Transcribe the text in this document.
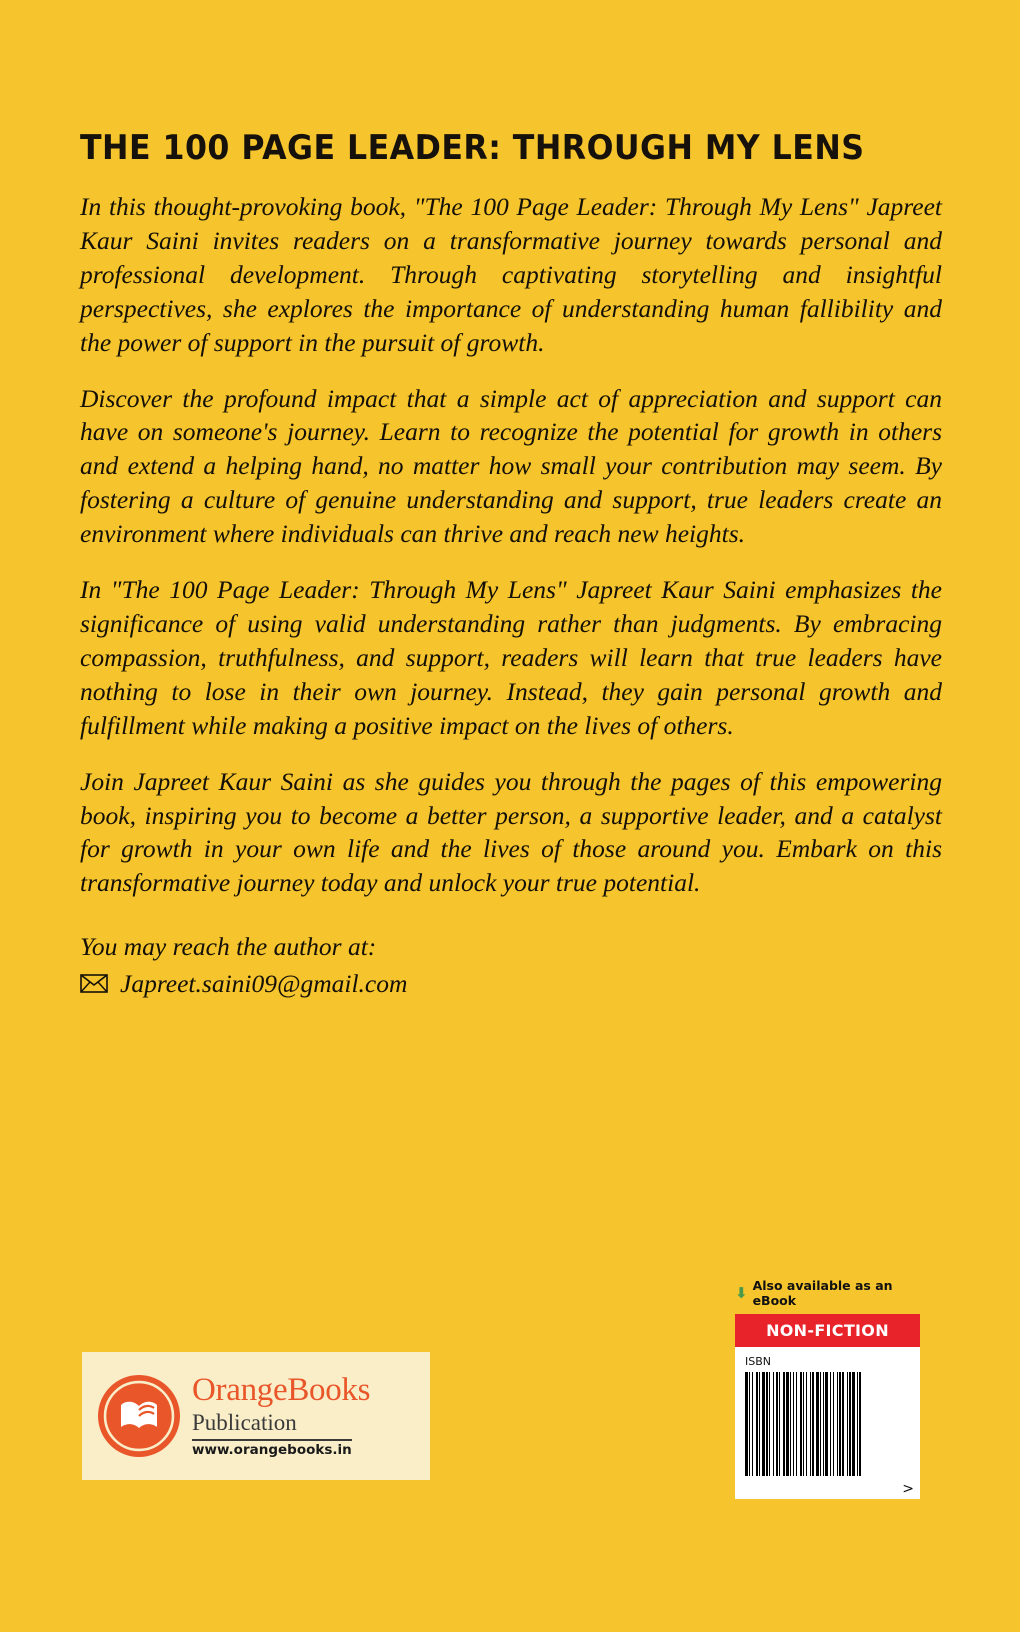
THE 100 PAGE LEADER: THROUGH MY LENS

In this thought-provoking book, "The 100 Page Leader: Through My Lens" Japreet Kaur Saini invites readers on a transformative journey towards personal and professional development. Through captivating storytelling and insightful perspectives, she explores the importance of understanding human fallibility and the power of support in the pursuit of growth.

Discover the profound impact that a simple act of appreciation and support can have on someone's journey. Learn to recognize the potential for growth in others and extend a helping hand, no matter how small your contribution may seem. By fostering a culture of genuine understanding and support, true leaders create an environment where individuals can thrive and reach new heights.

In "The 100 Page Leader: Through My Lens" Japreet Kaur Saini emphasizes the significance of using valid understanding rather than judgments. By embracing compassion, truthfulness, and support, readers will learn that true leaders have nothing to lose in their own journey. Instead, they gain personal growth and fulfillment while making a positive impact on the lives of others.

Join Japreet Kaur Saini as she guides you through the pages of this empowering book, inspiring you to become a better person, a supportive leader, and a catalyst for growth in your own life and the lives of those around you. Embark on this transformative journey today and unlock your true potential.

You may reach the author at:

Japreet.saini09@gmail.com
OrangeBooks
Publication
www.orangebooks.in
⬇ Also available as an eBook
NON-FICTION
ISBN
>
